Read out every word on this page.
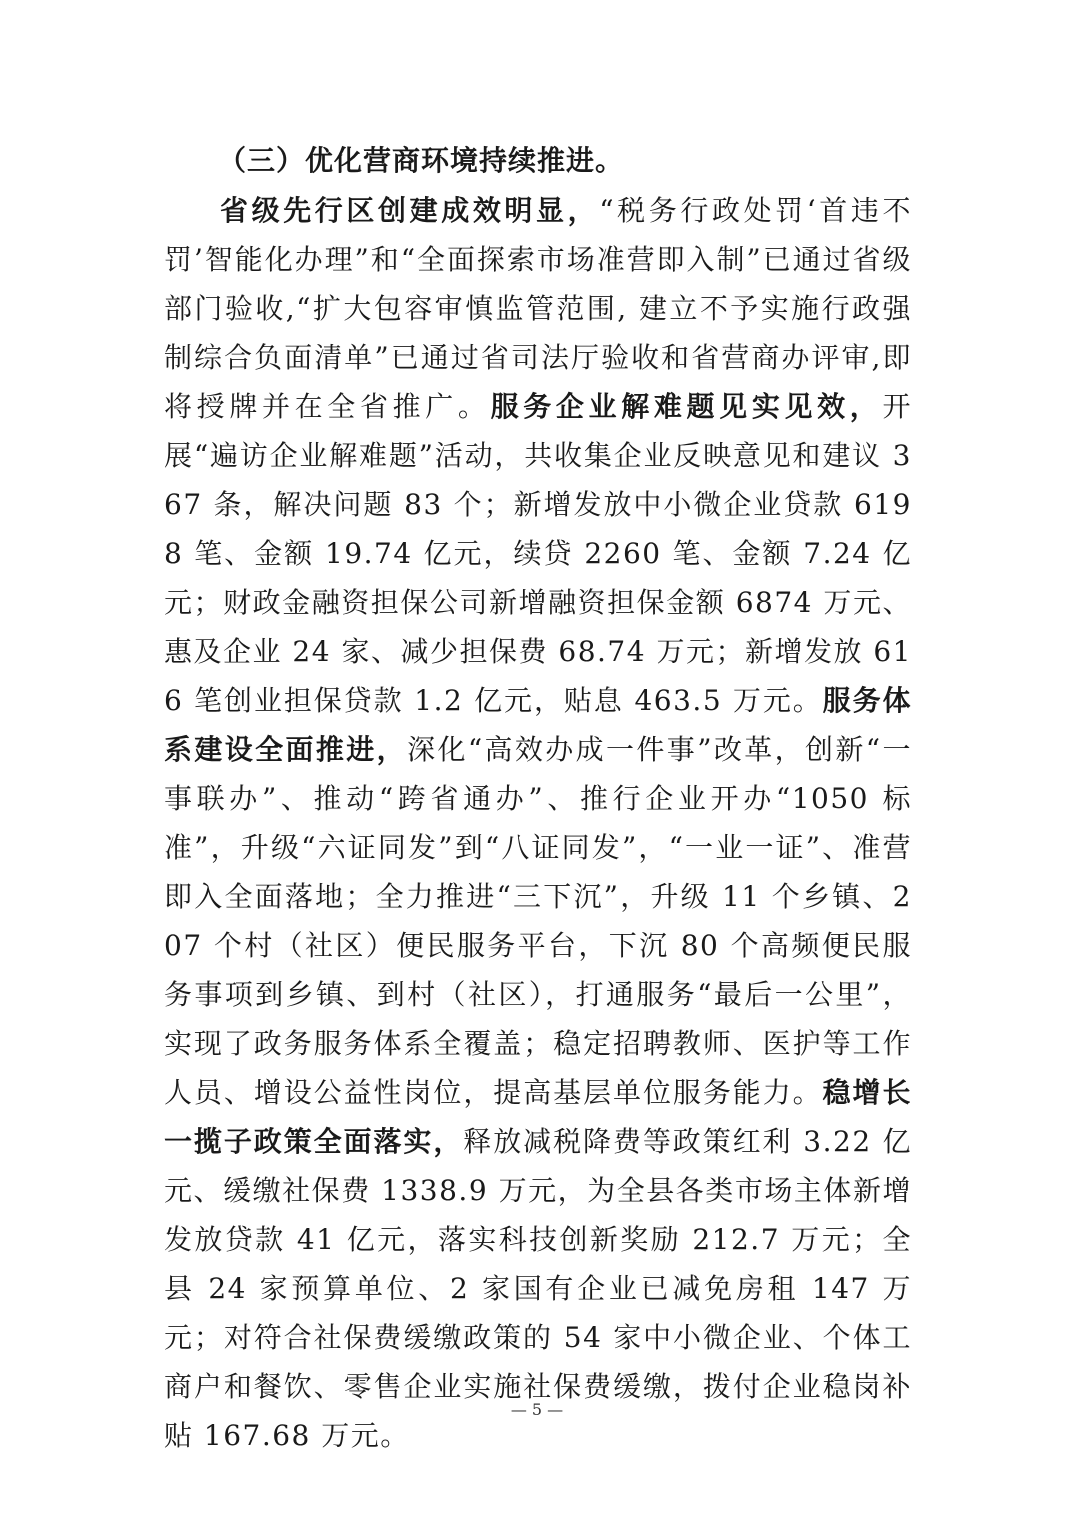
（三）优化营商环境持续推进。

省级先行区创建成效明显，“税务行政处罚‘首违不罚’智能化办理”和“全面探索市场准营即入制”已通过省级部门验收,“扩大包容审慎监管范围, 建立不予实施行政强制综合负面清单”已通过省司法厅验收和省营商办评审,即将授牌并在全省推广。服务企业解难题见实见效，开展“遍访企业解难题”活动，共收集企业反映意见和建议 367 条，解决问题 83 个；新增发放中小微企业贷款 6198 笔、金额 19.74 亿元，续贷 2260 笔、金额 7.24 亿元；财政金融资担保公司新增融资担保金额 6874 万元、惠及企业 24 家、减少担保费 68.74 万元；新增发放 616 笔创业担保贷款 1.2 亿元，贴息 463.5 万元。服务体系建设全面推进，深化“高效办成一件事”改革，创新“一事联办”、推动“跨省通办”、推行企业开办“1050 标准”，升级“六证同发”到“八证同发”，“一业一证”、准营即入全面落地；全力推进“三下沉”，升级 11 个乡镇、207 个村（社区）便民服务平台，下沉 80 个高频便民服务事项到乡镇、到村（社区），打通服务“最后一公里”，实现了政务服务体系全覆盖；稳定招聘教师、医护等工作人员、增设公益性岗位，提高基层单位服务能力。稳增长一揽子政策全面落实，释放减税降费等政策红利 3.22 亿元、缓缴社保费 1338.9 万元，为全县各类市场主体新增发放贷款 41 亿元，落实科技创新奖励 212.7 万元；全县 24 家预算单位、2 家国有企业已减免房租 147 万元；对符合社保费缓缴政策的 54 家中小微企业、个体工商户和餐饮、零售企业实施社保费缓缴，拨付企业稳岗补贴 167.68 万元。

— 5 —
